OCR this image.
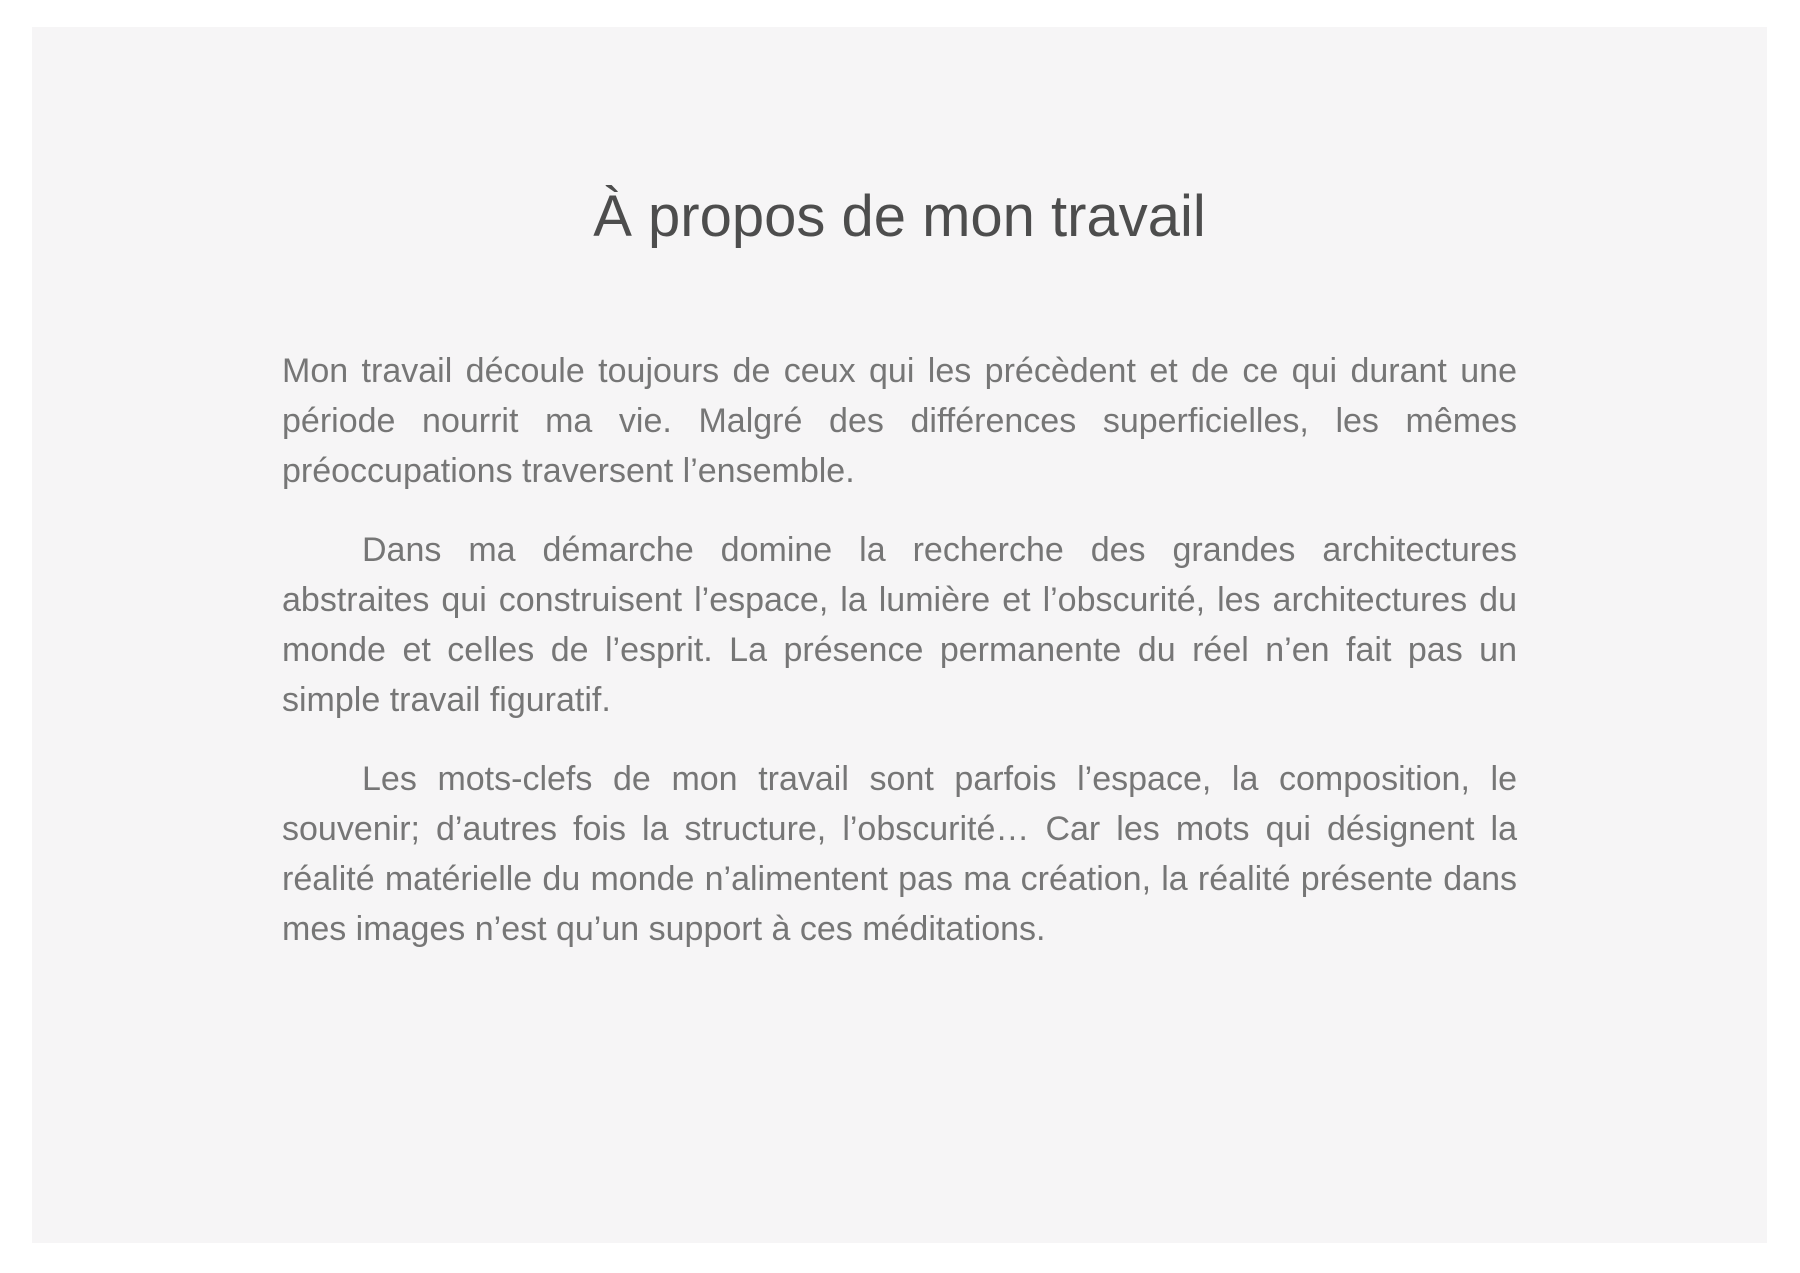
À propos de mon travail

Mon travail découle toujours de ceux qui les précèdent et de ce qui durant une période nourrit ma vie. Malgré des différences superficielles, les mêmes préoccupations traversent l’ensemble.

Dans ma démarche domine la recherche des grandes architectures abstraites qui construisent l’espace, la lumière et l’obscurité, les architectures du monde et celles de l’esprit. La présence permanente du réel n’en fait pas un simple travail figuratif.

Les mots-clefs de mon travail sont parfois l’espace, la composition, le souvenir; d’autres fois la structure, l’obscurité… Car les mots qui désignent la réalité matérielle du monde n’alimentent pas ma création, la réalité présente dans mes images n’est qu’un support à ces méditations.
